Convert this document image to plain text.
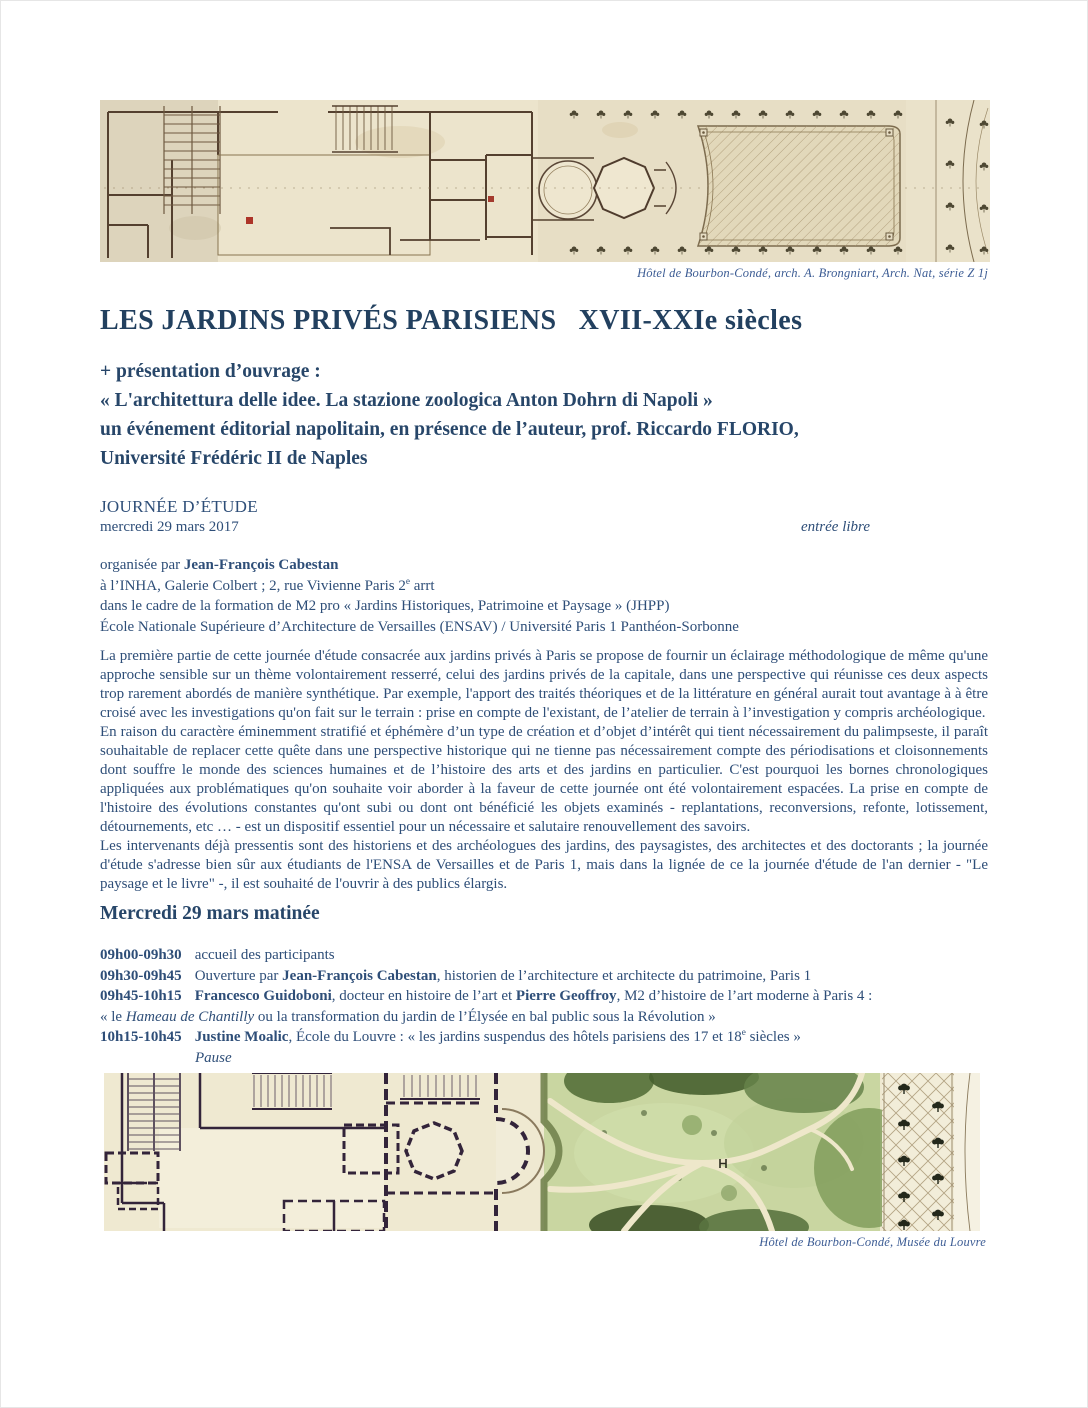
Hôtel de Bourbon-Condé, arch. A. Brongniart, Arch. Nat, série Z 1j
LES JARDINS PRIVÉS PARISIENS   XVII-XXIe siècles
+ présentation d’ouvrage :
« L'architettura delle idee. La stazione zoologica Anton Dohrn di Napoli »
un événement éditorial napolitain, en présence de l’auteur, prof. Riccardo FLORIO,
Université Frédéric II de Naples
JOURNÉE D’ÉTUDE
mercredi 29 mars 2017	entrée libre
organisée par Jean-François Cabestan
à l’INHA, Galerie Colbert ; 2, rue Vivienne Paris 2e arrt
dans le cadre de la formation de M2 pro « Jardins Historiques, Patrimoine et Paysage » (JHPP)
École Nationale Supérieure d’Architecture de Versailles (ENSAV) / Université Paris 1 Panthéon-Sorbonne

La première partie de cette journée d'étude consacrée aux jardins privés à Paris se propose de fournir un éclairage méthodologique de même qu'une approche sensible sur un thème volontairement resserré, celui des jardins privés de la capitale, dans une perspective qui réunisse ces deux aspects trop rarement abordés de manière synthétique. Par exemple, l'apport des traités théoriques et de la littérature en général aurait tout avantage à à être croisé avec les investigations qu'on fait sur le terrain : prise en compte de l'existant, de l’atelier de terrain à l’investigation y compris archéologique.

En raison du caractère éminemment stratifié et éphémère d’un type de création et d’objet d’intérêt qui tient nécessairement du palimpseste, il paraît souhaitable de replacer cette quête dans une perspective historique qui ne tienne pas nécessairement compte des périodisations et cloisonnements dont souffre le monde des sciences humaines et de l’histoire des arts et des jardins en particulier. C'est pourquoi les bornes chronologiques appliquées aux problématiques qu'on souhaite voir aborder à la faveur de cette journée ont été volontairement espacées. La prise en compte de l'histoire des évolutions constantes qu'ont subi ou dont ont bénéficié les objets examinés - replantations, reconversions, refonte, lotissement, détournements, etc … - est un dispositif essentiel pour un nécessaire et salutaire renouvellement des savoirs.

Les intervenants déjà pressentis sont des historiens et des archéologues des jardins, des paysagistes, des architectes et des doctorants ; la journée d'étude s'adresse bien sûr aux étudiants de l'ENSA de Versailles et de Paris 1, mais dans la lignée de ce la journée d'étude de l'an dernier - "Le paysage et le livre" -, il est souhaité de l'ouvrir à des publics élargis.

Mercredi 29 mars matinée
09h00-09h30 accueil des participants
09h30-09h45 Ouverture par Jean-François Cabestan, historien de l’architecture et architecte du patrimoine, Paris 1
09h45-10h15 Francesco Guidoboni, docteur en histoire de l’art et Pierre Geoffroy, M2 d’histoire de l’art moderne à Paris 4 :
« le Hameau de Chantilly ou la transformation du jardin de l’Élysée en bal public sous la Révolution »
10h15-10h45 Justine Moalic, École du Louvre : « les jardins suspendus des hôtels parisiens des 17 et 18e siècles »
Pause
Hôtel de Bourbon-Condé, Musée du Louvre
